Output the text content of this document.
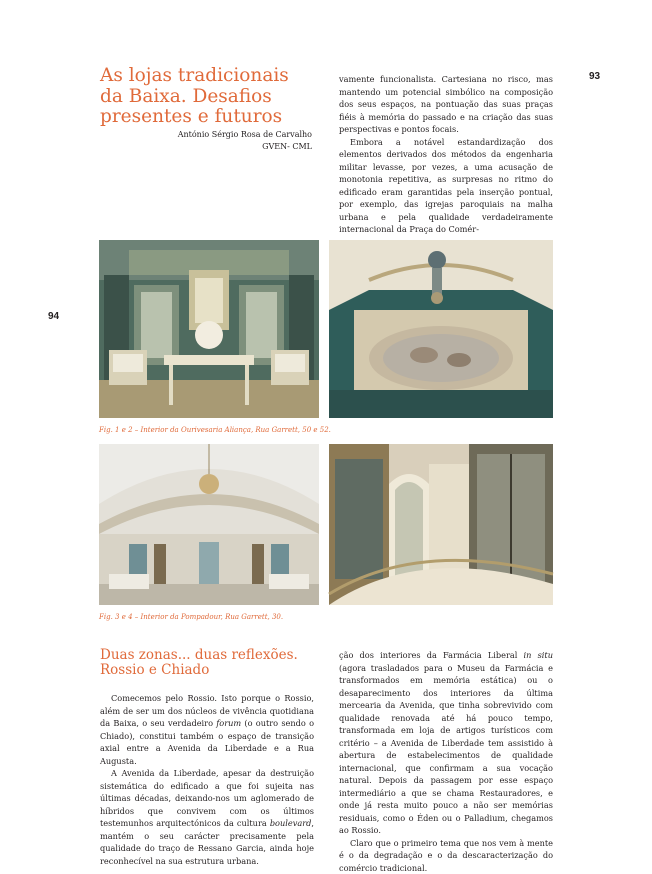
93
94
As lojas tradicionais
da Baixa. Desafios
presentes e futuros
António Sérgio Rosa de Carvalho
GVEN- CML

vamente funcionalista. Cartesiana no risco, mas mantendo um potencial simbólico na composição dos seus espaços, na pontuação das suas praças fiéis à memória do passado e na criação das suas perspectivas e pontos focais.

Embora a notável estandardização dos elementos derivados dos métodos da engenharia militar levasse, por vezes, a uma acusação de monotonia repetitiva, as surpresas no ritmo do edificado eram garantidas pela inserção pontual, por exemplo, das igrejas paroquiais na malha urbana e pela qualidade verdadeiramente internacional da Praça do Comér-

Fig. 1 e 2 – Interior da Ourivesaria Aliança, Rua Garrett, 50 e 52.
Fig. 3 e 4 – Interior da Pompadour, Rua Garrett, 30.
Duas zonas... duas reflexões.
Rossio e Chiado

Comecemos pelo Rossio. Isto porque o Rossio, além de ser um dos núcleos de vivência quotidiana da Baixa, o seu verdadeiro forum (o outro sendo o Chiado), constitui também o espaço de transição axial entre a Avenida da Liberdade e a Rua Augusta.

A Avenida da Liberdade, apesar da destruição sistemática do edificado a que foi sujeita nas últimas décadas, deixando-nos um aglomerado de híbridos que convivem com os últimos testemunhos arquitectónicos da cultura boulevard, mantém o seu carácter precisamente pela qualidade do traço de Ressano Garcia, ainda hoje reconhecível na sua estrutura urbana.

ção dos interiores da Farmácia Liberal in situ (agora trasladados para o Museu da Farmácia e transformados em memória estática) ou o desaparecimento dos interiores da última mercearia da Avenida, que tinha sobrevivido com qualidade renovada até há pouco tempo, transformada em loja de artigos turísticos com critério – a Avenida de Liberdade tem assistido à abertura de estabelecimentos de qualidade internacional, que confirmam a sua vocação natural. Depois da passagem por esse espaço intermediário a que se chama Restauradores, e onde já resta muito pouco a não ser memórias residuais, como o Éden ou o Palladium, chegamos ao Rossio.

Claro que o primeiro tema que nos vem à mente é o da degradação e o da descaracterização do comércio tradicional.
